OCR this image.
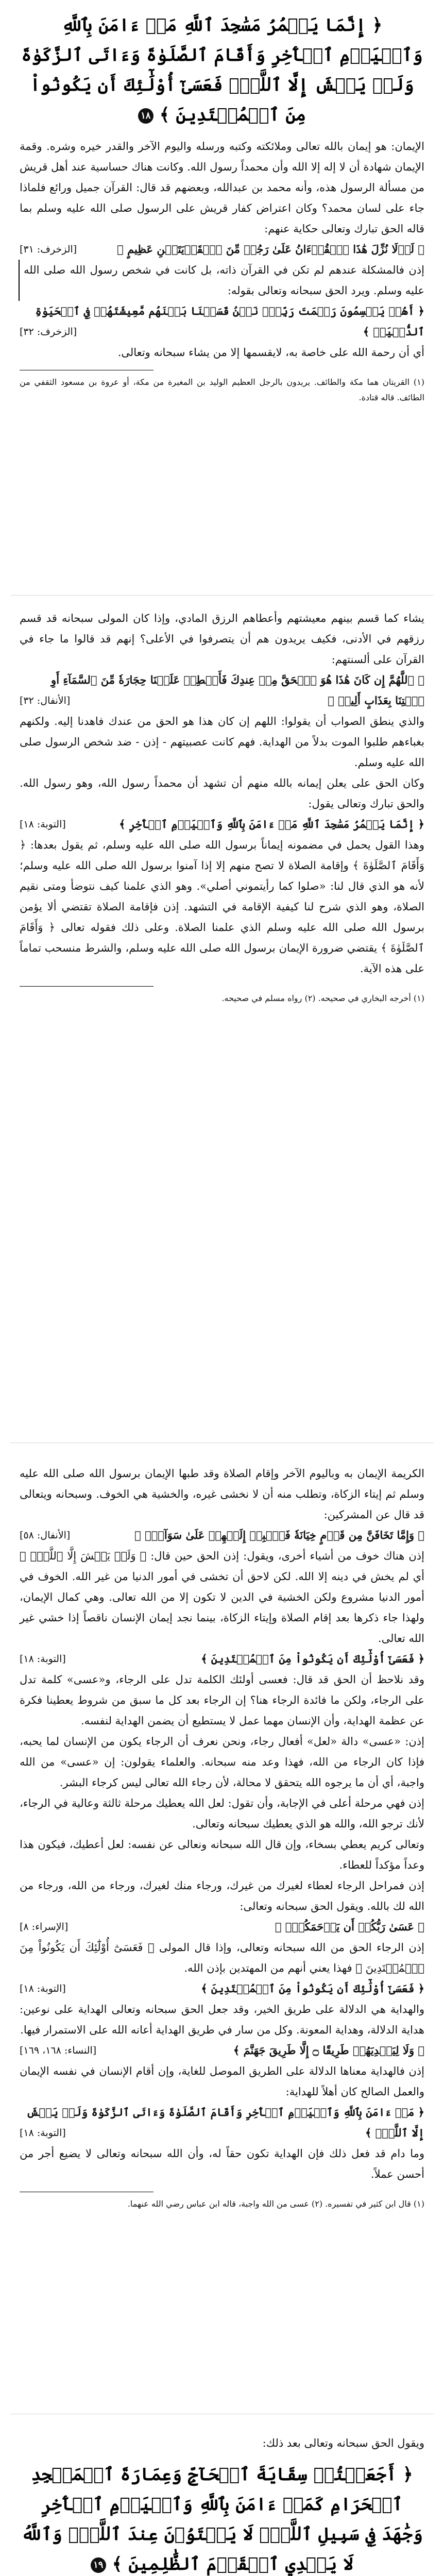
﴿ إِنَّمَا يَعۡمُرُ مَسَٰجِدَ ٱللَّهِ مَنۡ ءَامَنَ بِٱللَّهِ وَٱلۡيَوۡمِ ٱلۡأٓخِرِ وَأَقَامَ ٱلصَّلَوٰةَ وَءَاتَى ٱلزَّكَوٰةَ وَلَمۡ يَخۡشَ إِلَّا ٱللَّهَۖ فَعَسَىٰٓ أُوْلَٰٓئِكَ أَن يَكُونُواْ مِنَ ٱلۡمُهۡتَدِينَ ﴾ ١٨
الإيمان: هو إيمان بالله تعالى وملائكته وكتبه ورسله واليوم الآخر والقدر خيره وشره. وقمة الإيمان شهادة أن لا إله إلا الله وأن محمداً رسول الله. وكانت هناك حساسية عند أهل قريش من مسألة الرسول هذه، وأنه محمد بن عبدالله، وبعضهم قد قال: القرآن جميل ورائع فلماذا جاء على لسان محمد؟ وكان اعتراض كفار قريش على الرسول صلى الله عليه وسلم بما قاله الحق تبارك وتعالى حكاية عنهم:
﴿ لَوۡلَا نُزِّلَ هَٰذَا ٱلۡقُرۡءَانُ عَلَىٰ رَجُلٖ مِّنَ ٱلۡقَرۡيَتَيۡنِ عَظِيمٍ ﴾
[الزخرف: ٣١]
إذن فالمشكلة عندهم لم تكن في القرآن ذاته، بل كانت في شخص رسول الله صلى الله عليه وسلم. ويرد الحق سبحانه وتعالى بقوله:
﴿ أَهُمۡ يَقۡسِمُونَ رَحۡمَتَ رَبِّكَۚ نَحۡنُ قَسَمۡنَا بَيۡنَهُم مَّعِيشَتَهُمۡ فِي ٱلۡحَيَوٰةِ ٱلدُّنۡيَاۚ ﴾
[الزخرف: ٣٢]
أي أن رحمة الله على خاصة به، لايقسمها إلا من يشاء سبحانه وتعالى.
(١) القريتان هما مكة والطائف. يريدون بالرجل العظيم الوليد بن المغيرة من مكة، أو عروة بن مسعود الثقفي من الطائف. قاله قتادة.
يشاء كما قسم بينهم معيشتهم وأعطاهم الرزق المادي، وإذا كان المولى سبحانه قد قسم رزقهم في الأدنى، فكيف يريدون هم أن يتصرفوا في الأعلى؟ إنهم قد قالوا ما جاء في القرآن على ألسنتهم:
﴿ ٱللَّهُمَّ إِن كَانَ هَٰذَا هُوَ ٱلۡحَقَّ مِنۡ عِندِكَ فَأَمۡطِرۡ عَلَيۡنَا حِجَارَةٗ مِّنَ ٱلسَّمَآءِ أَوِ ٱئۡتِنَا بِعَذَابٍ أَلِيمٖ ﴾
[الأنفال: ٣٢]
والذي ينطق الصواب أن يقولوا: اللهم إن كان هذا هو الحق من عندك فاهدنا إليه. ولكنهم بغباءهم طلبوا الموت بدلاً من الهداية. فهم كانت عصبيتهم - إذن - ضد شخص الرسول صلى الله عليه وسلم.
وكان الحق على يعلن إيمانه بالله منهم أن تشهد أن محمداً رسول الله، وهو رسول الله. والحق تبارك وتعالى يقول:
﴿ إِنَّمَا يَعۡمُرُ مَسَٰجِدَ ٱللَّهِ مَنۡ ءَامَنَ بِٱللَّهِ وَٱلۡيَوۡمِ ٱلۡأٓخِرِ ﴾
[التوبة: ١٨]
وهذا القول يحمل في مضمونه إيماناً برسول الله صلى الله عليه وسلم، ثم يقول بعدها: ﴿ وَأَقَامَ ٱلصَّلَوٰةَ ﴾ وإقامة الصلاة لا تصح منهم إلا إذا آمنوا برسول الله صلى الله عليه وسلم؛ لأنه هو الذي قال لنا: «صلوا كما رأيتموني أصلي». وهو الذي علمنا كيف نتوضأ ومتى نقيم الصلاة، وهو الذي شرح لنا كيفية الإقامة في التشهد. إذن فإقامة الصلاة تقتضي ألا يؤمن برسول الله صلى الله عليه وسلم الذي علمنا الصلاة. وعلى ذلك فقوله تعالى ﴿ وَأَقَامَ ٱلصَّلَوٰةَ ﴾ يقتضي ضرورة الإيمان برسول الله صلى الله عليه وسلم، والشرط منسحب تماماً على هذه الآية.
(١) أخرجه البخاري في صحيحه. (٢) رواه مسلم في صحيحه.
الكريمة الإيمان به وباليوم الآخر وإقام الصلاة وقد طبها الإيمان برسول الله صلى الله عليه وسلم ثم إيتاء الزكاة، وتطلب منه أن لا نخشى غيره، والخشية هي الخوف. وسبحانه ويتعالى قد قال عن المشركين:
﴿ وَإِمَّا تَخَافَنَّ مِن قَوۡمٍ خِيَانَةٗ فَٱنۢبِذۡ إِلَيۡهِمۡ عَلَىٰ سَوَآءٍۚ ﴾
[الأنفال: ٥٨]
إذن هناك خوف من أشياء أخرى، ويقول: إذن الحق حين قال: ﴿ وَلَمۡ يَخۡشَ إِلَّا ٱللَّهَۖ ﴾ أي لم يخش في دينه إلا الله. لكن لاحق أن تخشى في أمور الدنيا من غير الله. الخوف في أمور الدنيا مشروع ولكن الخشية في الدين لا تكون إلا من الله تعالى. وهي كمال الإيمان، ولهذا جاء ذكرها بعد إقام الصلاة وإيتاء الزكاة، بينما نجد إيمان الإنسان ناقصاً إذا خشي غير الله تعالى.
﴿ فَعَسَىٰٓ أُوْلَٰٓئِكَ أَن يَكُونُواْ مِنَ ٱلۡمُهۡتَدِينَ ﴾
[التوبة: ١٨]
وقد نلاحظ أن الحق قد قال: فعسى أولئك الكلمة تدل على الرجاء، و«عسى» كلمة تدل على الرجاء، ولكن ما فائدة الرجاء هنا؟ إن الرجاء بعد كل ما سبق من شروط يعطينا فكرة عن عظمة الهداية، وأن الإنسان مهما عمل لا يستطيع أن يضمن الهداية لنفسه.
إذن: «عسى» دالة «لعل» أفعال رجاء، ونحن نعرف أن الرجاء يكون من الإنسان لما يحبه، فإذا كان الرجاء من الله، فهذا وعد منه سبحانه. والعلماء يقولون: إن «عسى» من الله واجبة، أي أن ما يرجوه الله يتحقق لا محالة، لأن رجاء الله تعالى ليس كرجاء البشر.
إذن فهي مرحلة أعلى في الإجابة، وأن تقول: لعل الله يعطيك مرحلة ثالثة وعالية في الرجاء، لأنك ترجو الله، والله هو الذي يعطيك سبحانه وتعالى.
وتعالى كريم يعطي بسخاء، وإن قال الله سبحانه ونعالى عن نفسه: لعل أعطيك، فيكون هذا وعداً مؤكداً للعطاء.
إذن فمراحل الرجاء لعطاء لغيرك من غيرك، ورجاء منك لغيرك، ورجاء من الله، ورجاء من الله لك بالله. ويقول الحق سبحانه وتعالى:
﴿ عَسَىٰ رَبُّكُمۡ أَن يَرۡحَمَكُمۡۚ ﴾
[الإسراء: ٨]
إذن الرجاء الحق من الله سبحانه وتعالى، وإذا قال المولى ﴿ فَعَسَىٰٓ أُوْلَٰٓئِكَ أَن يَكُونُواْ مِنَ ٱلۡمُهۡتَدِينَ ﴾ فهذا يعني أنهم من المهتدين بإذن الله.
﴿ فَعَسَىٰٓ أُوْلَٰٓئِكَ أَن يَكُونُواْ مِنَ ٱلۡمُهۡتَدِينَ ﴾
[التوبة: ١٨]
والهداية هي الدلالة على طريق الخير، وقد جعل الحق سبحانه وتعالى الهداية على نوعين: هداية الدلالة، وهداية المعونة. وكل من سار في طريق الهداية أعانه الله على الاستمرار فيها.
﴿ وَلَا لِيَهۡدِيَهُمۡ طَرِيقًا ۝ إِلَّا طَرِيقَ جَهَنَّمَ ﴾
[النساء: ١٦٨، ١٦٩]
إذن فالهداية معناها الدلالة على الطريق الموصل للغاية، وإن أقام الإنسان في نفسه الإيمان والعمل الصالح كان أهلاً للهداية:
﴿ مَنۡ ءَامَنَ بِٱللَّهِ وَٱلۡيَوۡمِ ٱلۡأٓخِرِ وَأَقَامَ ٱلصَّلَوٰةَ وَءَاتَى ٱلزَّكَوٰةَ وَلَمۡ يَخۡشَ إِلَّا ٱللَّهَۖ ﴾
[التوبة: ١٨]
وما دام قد فعل ذلك فإن الهداية تكون حقاً له، وأن الله سبحانه وتعالى لا يضيع أجر من أحسن عملاً.
(١) قال ابن كثير في تفسيره. (٢) عسى من الله واجبة، قاله ابن عباس رضي الله عنهما.
ويقول الحق سبحانه وتعالى بعد ذلك:
﴿ أَجَعَلۡتُمۡ سِقَايَةَ ٱلۡحَآجِّ وَعِمَارَةَ ٱلۡمَسۡجِدِ ٱلۡحَرَامِ كَمَنۡ ءَامَنَ بِٱللَّهِ وَٱلۡيَوۡمِ ٱلۡأٓخِرِ وَجَٰهَدَ فِي سَبِيلِ ٱللَّهِۚ لَا يَسۡتَوُۥنَ عِندَ ٱللَّهِۗ وَٱللَّهُ لَا يَهۡدِي ٱلۡقَوۡمَ ٱلظَّٰلِمِينَ ﴾ ١٩
